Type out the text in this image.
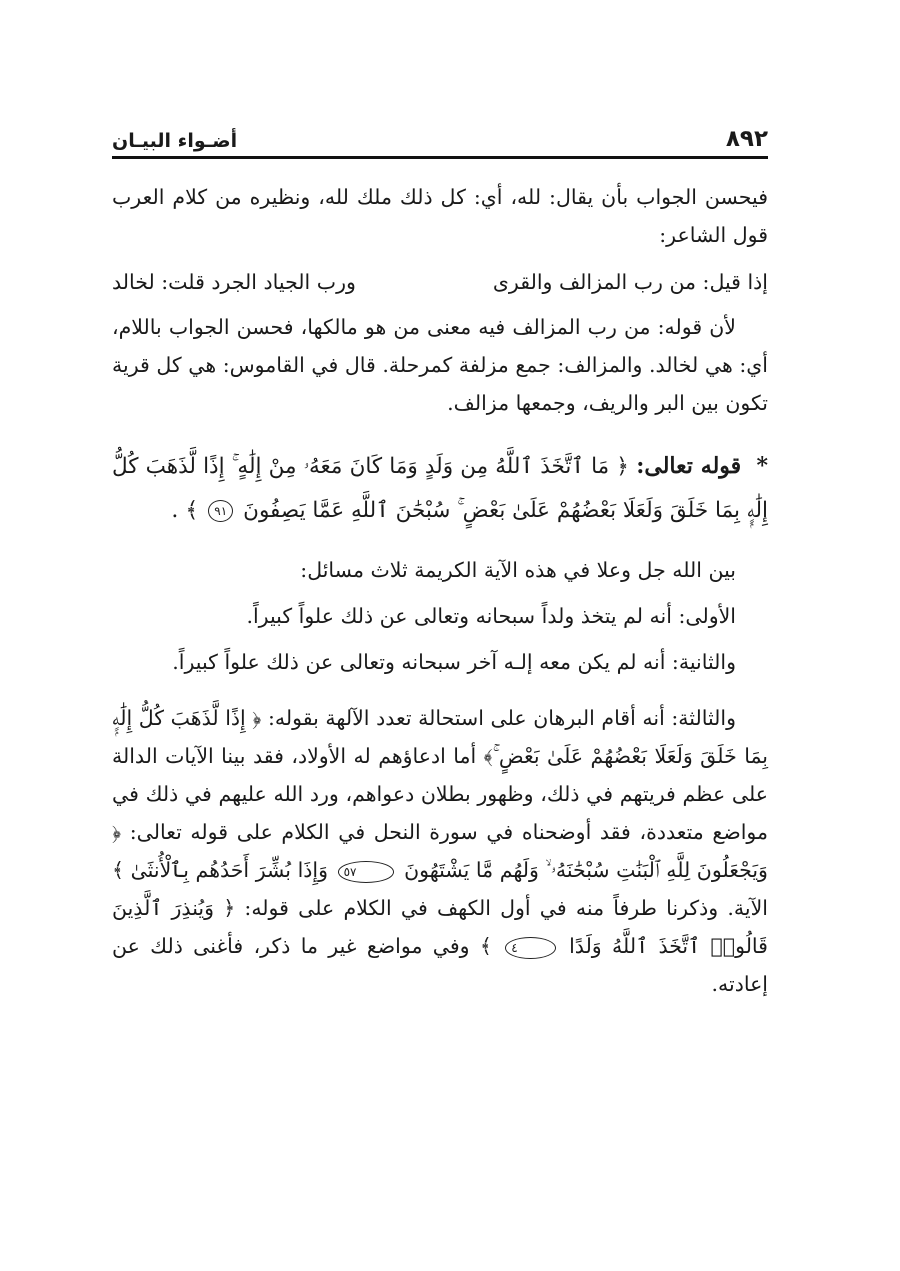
٨٩٢
أضـواء البيـان

فيحسن الجواب بأن يقال: لله، أي: كل ذلك ملك لله، ونظيره من كلام العرب قول الشاعر:

إذا قيل: من رب المزالف والقرى
ورب الجياد الجرد قلت: لخالد

لأن قوله: من رب المزالف فيه معنى من هو مالكها، فحسن الجواب باللام، أي: هي لخالد. والمزالف: جمع مزلفة كمرحلة. قال في القاموس: هي كل قرية تكون بين البر والريف، وجمعها مزالف.

* قوله تعالى: ﴿ مَا ٱتَّخَذَ ٱللَّهُ مِن وَلَدٍ وَمَا كَانَ مَعَهُۥ مِنْ إِلَٰهٍ ۚ إِذًا لَّذَهَبَ كُلُّ إِلَٰهٍۭ بِمَا خَلَقَ وَلَعَلَا بَعْضُهُمْ عَلَىٰ بَعْضٍ ۚ سُبْحَٰنَ ٱللَّهِ عَمَّا يَصِفُونَ ٩١ ﴾ .

بين الله جل وعلا في هذه الآية الكريمة ثلاث مسائل:

الأولى: أنه لم يتخذ ولداً سبحانه وتعالى عن ذلك علواً كبيراً.

والثانية: أنه لم يكن معه إلـه آخر سبحانه وتعالى عن ذلك علواً كبيراً.

والثالثة: أنه أقام البرهان على استحالة تعدد الآلهة بقوله: ﴿ إِذًا لَّذَهَبَ كُلُّ إِلَٰهٍۭ بِمَا خَلَقَ وَلَعَلَا بَعْضُهُمْ عَلَىٰ بَعْضٍ ۚ﴾ أما ادعاؤهم له الأولاد، فقد بينا الآيات الدالة على عظم فريتهم في ذلك، وظهور بطلان دعواهم، ورد الله عليهم في ذلك في مواضع متعددة، فقد أوضحناه في سورة النحل في الكلام على قوله تعالى: ﴿ وَيَجْعَلُونَ لِلَّهِ ٱلْبَنَٰتِ سُبْحَٰنَهُۥ ۙ وَلَهُم مَّا يَشْتَهُونَ ٥٧ وَإِذَا بُشِّرَ أَحَدُهُم بِٱلْأُنثَىٰ ﴾ الآية. وذكرنا طرفاً منه في أول الكهف في الكلام على قوله: ﴿ وَيُنذِرَ ٱلَّذِينَ قَالُوا۟ ٱتَّخَذَ ٱللَّهُ وَلَدًا ٤ ﴾ وفي مواضع غير ما ذكر، فأغنى ذلك عن إعادته.
